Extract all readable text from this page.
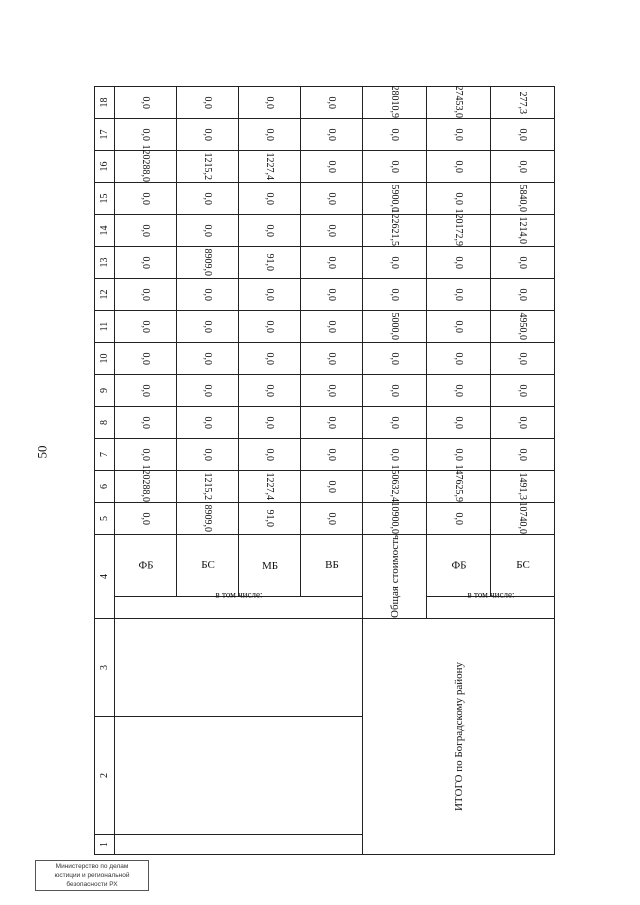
50
1	2	3	4		5	6	7	8	9	10	11	12	13	14	15	16	17	18
			в том числе:	ФБ	0,0	120288,0	0,0	0,0	0,0	0,0	0,0	0,0	0,0	0,0	0,0	120288,0	0,0	0,0
				БС	8909,0	1215,2	0,0	0,0	0,0	0,0	0,0	0,0	8909,0	0,0	0,0	1215,2	0,0	0,0
				МБ	91,0	1227,4	0,0	0,0	0,0	0,0	0,0	0,0	91,0	0,0	0,0	1227,4	0,0	0,0
				ВБ	0,0	0,0	0,0	0,0	0,0	0,0	0,0	0,0	0,0	0,0	0,0	0,0	0,0	0,0
ИТОГО по Боградскому району			Общая стоимость		10900,0	150632,4	0,0	0,0	0,0	0,0	5000,0	0,0	0,0	122621,5	5900,0	0,0	0,0	28010,9
			в том числе:	ФБ	0,0	147625,9	0,0	0,0	0,0	0,0	0,0	0,0	0,0	120172,9	0,0	0,0	0,0	27453,0
				БС	10740,0	1491,3	0,0	0,0	0,0	0,0	4950,0	0,0	0,0	1214,0	5840,0	0,0	0,0	277,3
Министерство по делам
юстиции и региональной
безопасности РХ
